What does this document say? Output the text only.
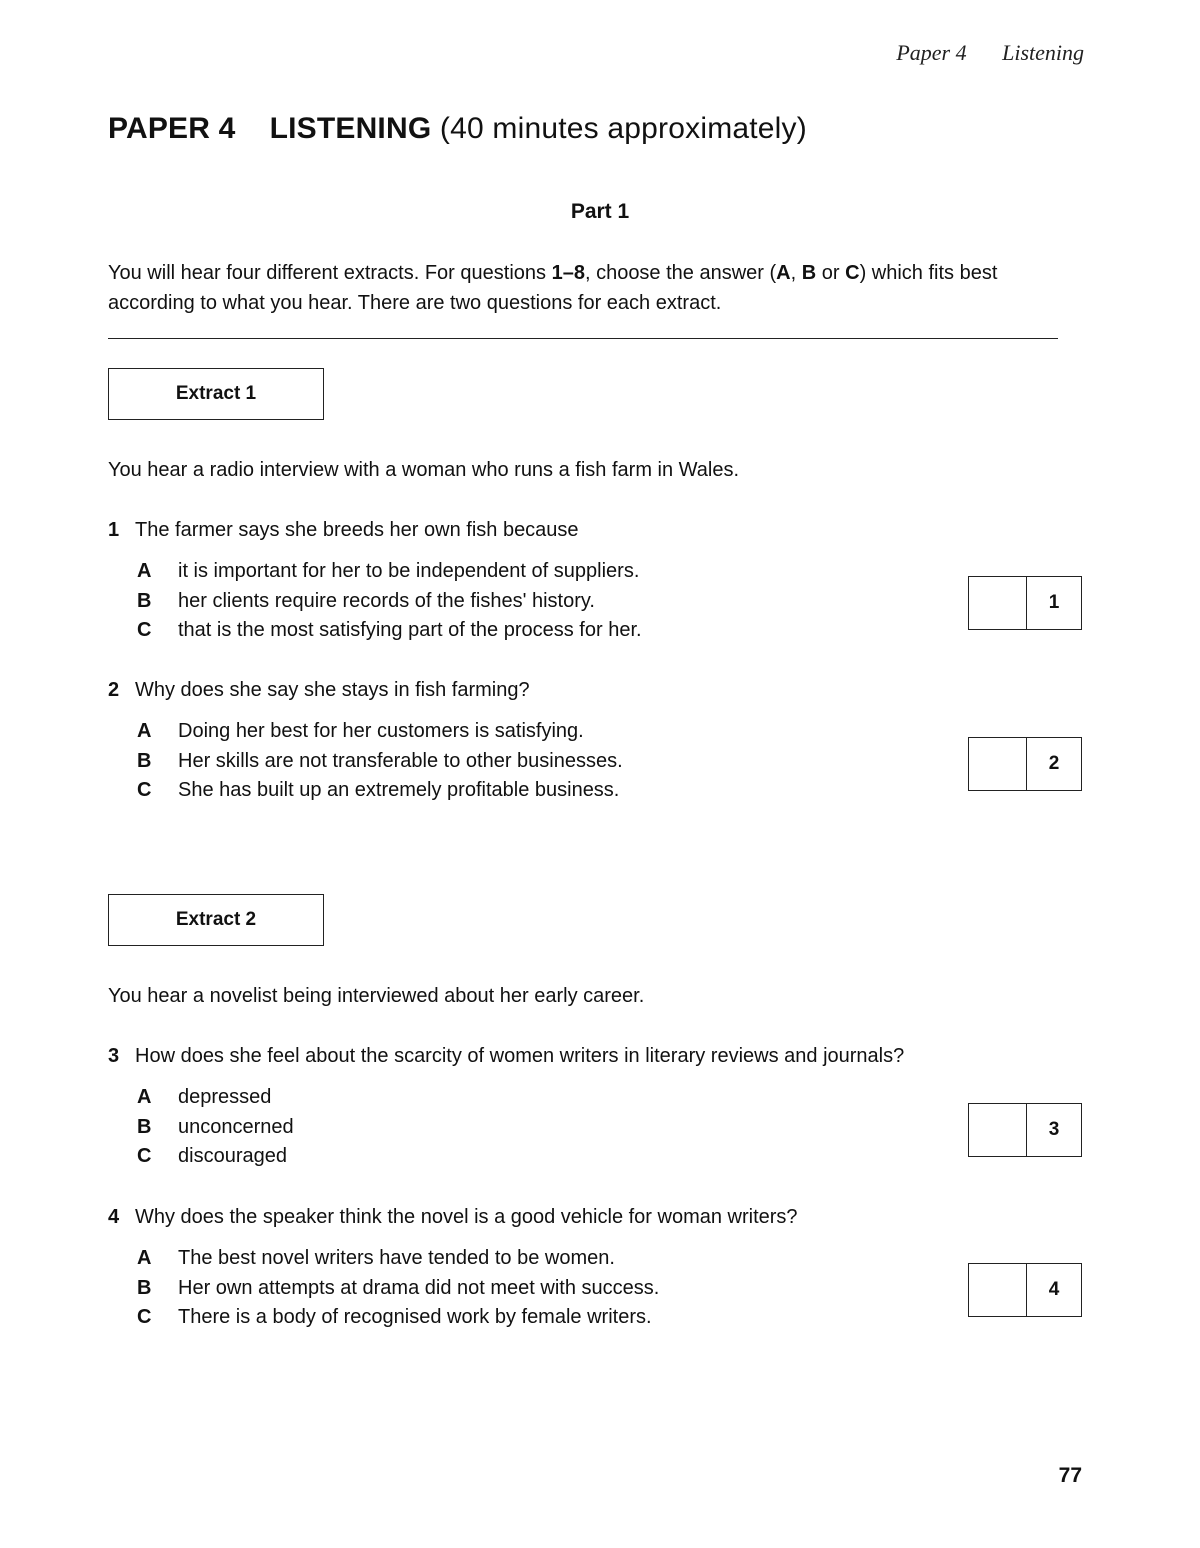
Paper 4 Listening
PAPER 4 LISTENING (40 minutes approximately)
Part 1
You will hear four different extracts. For questions 1–8, choose the answer (A, B or C) which fits best according to what you hear. There are two questions for each extract.
Extract 1
You hear a radio interview with a woman who runs a fish farm in Wales.
1 The farmer says she breeds her own fish because
A	it is important for her to be independent of suppliers.
B	her clients require records of the fishes' history.
C	that is the most satisfying part of the process for her.
1
2 Why does she say she stays in fish farming?
A	Doing her best for her customers is satisfying.
B	Her skills are not transferable to other businesses.
C	She has built up an extremely profitable business.
2
Extract 2
You hear a novelist being interviewed about her early career.
3 How does she feel about the scarcity of women writers in literary reviews and journals?
A	depressed
B	unconcerned
C	discouraged
3
4 Why does the speaker think the novel is a good vehicle for woman writers?
A	The best novel writers have tended to be women.
B	Her own attempts at drama did not meet with success.
C	There is a body of recognised work by female writers.
4
77
